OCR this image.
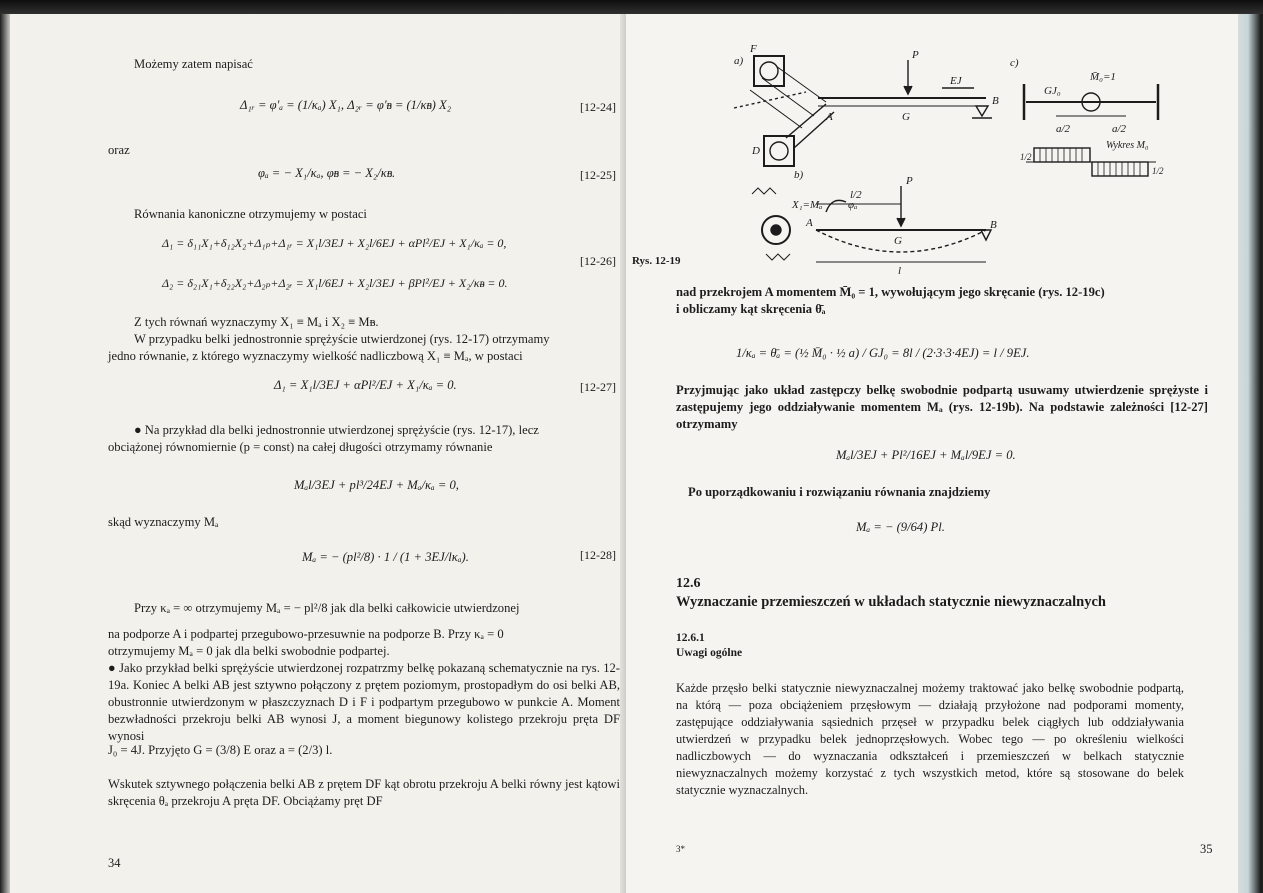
Możemy zatem napisać
Δ₁ᵣ = φ'ₐ = (1/κₐ) X₁, Δ₂ᵣ = φ'ᴃ = (1/κᴃ) X₂	[12-24]
oraz
φₐ = − X₁/κₐ, φᴃ = − X₂/κᴃ.	[12-25]
Równania kanoniczne otrzymujemy w postaci
Δ₁ = δ₁₁X₁+δ₁₂X₂+Δ₁ₚ+Δ₁ᵣ = X₁l/3EJ + X₂l/6EJ + αPl²/EJ + X₁/κₐ = 0,
[12-26]
Δ₂ = δ₂₁X₁+δ₂₂X₂+Δ₂ₚ+Δ₂ᵣ = X₁l/6EJ + X₂l/3EJ + βPl²/EJ + X₂/κᴃ = 0.
Z tych równań wyznaczymy X₁ ≡ Mₐ i X₂ ≡ Mᴃ.
W przypadku belki jednostronnie sprężyście utwierdzonej (rys. 12-17) otrzymamy
jedno równanie, z którego wyznaczymy wielkość nadliczbową X₁ ≡ Mₐ, w postaci
Δ₁ = X₁l/3EJ + αPl²/EJ + X₁/κₐ = 0.	[12-27]
● Na przykład dla belki jednostronnie utwierdzonej sprężyście (rys. 12-17), lecz
obciążonej równomiernie (p = const) na całej długości otrzymamy równanie
Mₐl/3EJ + pl³/24EJ + Mₐ/κₐ = 0,
skąd wyznaczymy Mₐ
Mₐ = − (pl²/8) · 1 / (1 + 3EJ/lκₐ).	[12-28]
Przy κₐ = ∞ otrzymujemy Mₐ = − pl²/8 jak dla belki całkowicie utwierdzonej
na podporze A i podpartej przegubowo-przesuwnie na podporze B. Przy κₐ = 0
otrzymujemy Mₐ = 0 jak dla belki swobodnie podpartej.
● Jako przykład belki sprężyście utwierdzonej rozpatrzmy belkę pokazaną schematycznie na rys. 12-19a. Koniec A belki AB jest sztywno połączony z prętem poziomym, prostopadłym do osi belki AB, obustronnie utwierdzonym w płaszczyznach D i F i podpartym przegubowo w punkcie A. Moment bezwładności przekroju belki AB wynosi J, a moment biegunowy kolistego przekroju pręta DF wynosi
J₀ = 4J. Przyjęto G = (3/8) E oraz a = (2/3) l.
Wskutek sztywnego połączenia belki AB z prętem DF kąt obrotu przekroju A belki równy jest kątowi skręcenia θₐ przekroju A pręta DF. Obciążamy pręt DF
34
a)
F	P
EJ
A	G
B
D
b)
X₁=Mₐ φₐ
A
G
B
P
l/2
l
c)
GJ₀
M̄₀=1
a/2	a/2
Wykres M₀
1/2
1/2
Rys. 12-19
nad przekrojem A momentem M̄₀ = 1, wywołującym jego skręcanie (rys. 12-19c)
i obliczamy kąt skręcenia θ̄ₐ
1/κₐ = θ̄ₐ = (½ M̄₀ · ½ a) / GJ₀ = 8l / (2·3·3·4EJ) = l / 9EJ.
Przyjmując jako układ zastępczy belkę swobodnie podpartą usuwamy utwierdzenie sprężyste i zastępujemy jego oddziaływanie momentem Mₐ (rys. 12-19b). Na podstawie zależności [12-27] otrzymamy
Mₐl/3EJ + Pl²/16EJ + Mₐl/9EJ = 0.
Po uporządkowaniu i rozwiązaniu równania znajdziemy
Mₐ = − (9/64) Pl.
12.6
Wyznaczanie przemieszczeń w układach statycznie niewyznaczalnych
12.6.1
Uwagi ogólne
Każde przęsło belki statycznie niewyznaczalnej możemy traktować jako belkę swobodnie podpartą, na którą — poza obciążeniem przęsłowym — działają przyłożone nad podporami momenty, zastępujące oddziaływania sąsiednich przęseł w przypadku belek ciągłych lub oddziaływania utwierdzeń w przypadku belek jednoprzęsłowych. Wobec tego — po określeniu wielkości nadliczbowych — do wyznaczania odkształceń i przemieszczeń w belkach statycznie niewyznaczalnych możemy korzystać z tych wszystkich metod, które są stosowane do belek statycznie wyznaczalnych.
3*	35
